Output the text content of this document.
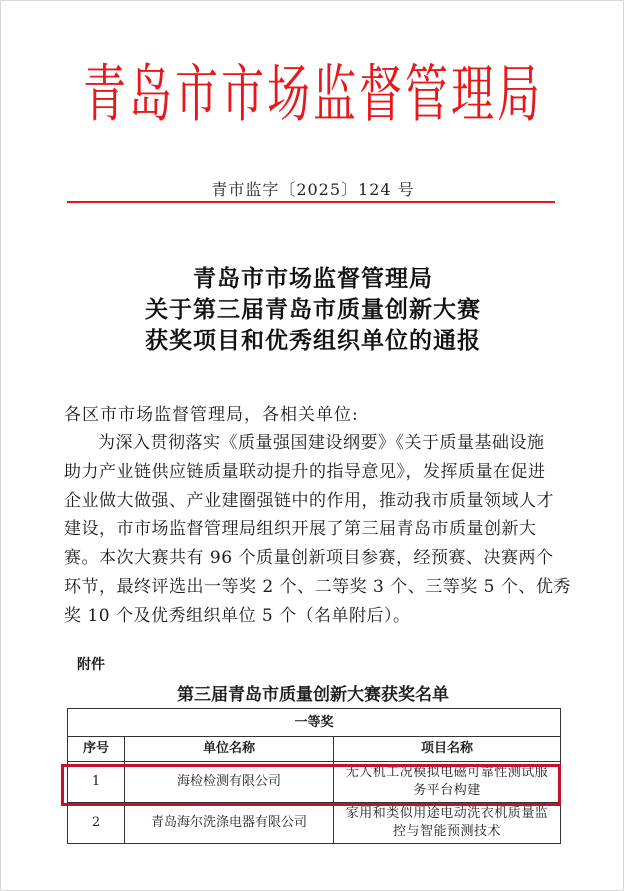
青岛市市场监督管理局
青市监字〔2025〕124 号
青岛市市场监督管理局
关于第三届青岛市质量创新大赛
获奖项目和优秀组织单位的通报
各区市市场监督管理局，各相关单位:
为深入贯彻落实《质量强国建设纲要》《关于质量基础设施
助力产业链供应链质量联动提升的指导意见》，发挥质量在促进
企业做大做强、产业建圈强链中的作用，推动我市质量领域人才
建设，市市场监督管理局组织开展了第三届青岛市质量创新大
赛。本次大赛共有 96 个质量创新项目参赛，经预赛、决赛两个
环节，最终评选出一等奖 2 个、二等奖 3 个、三等奖 5 个、优秀
奖 10 个及优秀组织单位 5 个（名单附后）。
附件
第三届青岛市质量创新大赛获奖名单
一等奖		
序号	单位名称	项目名称
1	海检检测有限公司	无人机工况模拟电磁可靠性测试服
务平台构建

2	青岛海尔洗涤电器有限公司	家用和类似用途电动洗衣机质量监
控与智能预测技术
